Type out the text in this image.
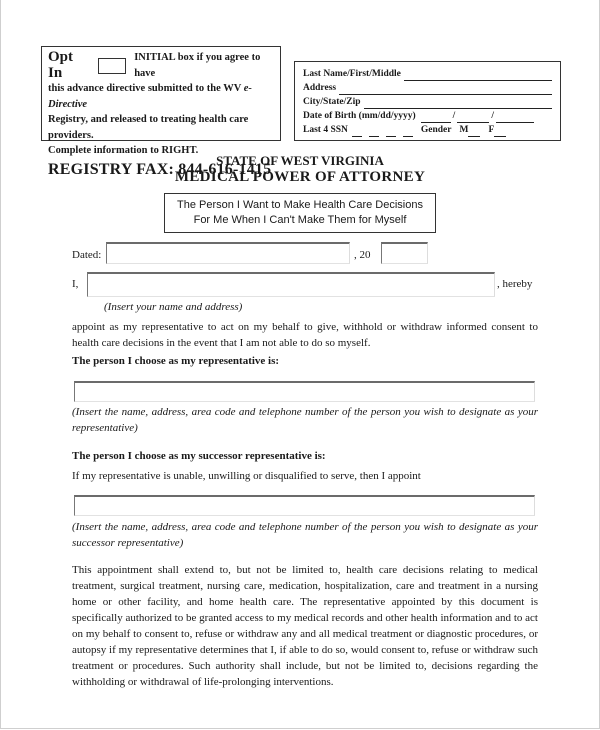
Opt In
INITIAL box if you agree to have
this advance directive submitted to the WV e-Directive
Registry, and released to treating health care providers.
Complete information to RIGHT.
REGISTRY FAX: 844-616-1415
Last Name/First/Middle
Address
City/State/Zip
Date of Birth (mm/dd/yyyy)	/	/
Last 4 SSN	Gender M F
STATE OF WEST VIRGINIA
MEDICAL POWER OF ATTORNEY
The Person I Want to Make Health Care Decisions
For Me When I Can't Make Them for Myself
Dated:	, 20
I,	, hereby
(Insert your name and address)
appoint as my representative to act on my behalf to give, withhold or withdraw informed consent to health care decisions in the event that I am not able to do so myself.
The person I choose as my representative is:
(Insert the name, address, area code and telephone number of the person you wish to designate as your representative)
The person I choose as my successor representative is:
If my representative is unable, unwilling or disqualified to serve, then I appoint
(Insert the name, address, area code and telephone number of the person you wish to designate as your successor representative)
This appointment shall extend to, but not be limited to, health care decisions relating to medical treatment, surgical treatment, nursing care, medication, hospitalization, care and treatment in a nursing home or other facility, and home health care. The representative appointed by this document is specifically authorized to be granted access to my medical records and other health information and to act on my behalf to consent to, refuse or withdraw any and all medical treatment or diagnostic procedures, or autopsy if my representative determines that I, if able to do so, would consent to, refuse or withdraw such treatment or procedures. Such authority shall include, but not be limited to, decisions regarding the withholding or withdrawal of life-prolonging interventions.
